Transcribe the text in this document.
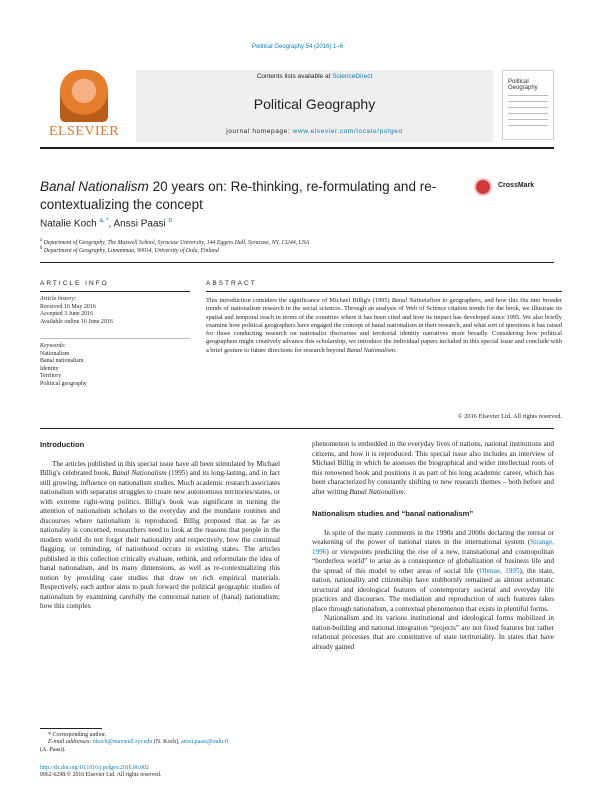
Political Geography 54 (2016) 1–6
ELSEVIER
Contents lists available at ScienceDirect
Political Geography
journal homepage: www.elsevier.com/locate/polgeo
Political
Geography
Banal Nationalism 20 years on: Re-thinking, re-formulating and re-contextualizing the concept
CrossMark
Natalie Koch $^{a, *}$, Anssi Paasi $^b$
$^a$ Department of Geography, The Maxwell School, Syracuse University, 144 Eggers Hall, Syracuse, NY, 13244, USA
$^b$ Department of Geography, Linnanmaa, 90014, University of Oulu, Finland
ARTICLE INFO	ABSTRACT
Article history:
Received 16 May 2016
Accepted 3 June 2016
Available online 16 June 2016
Keywords:
Nationalism
Banal nationalism
Identity
Territory
Political geography
This introduction considers the significance of Michael Billig's (1995) Banal Nationalism to geographers, and how this fits into broader trends of nationalism research in the social sciences. Through an analysis of Web of Science citation trends for the book, we illustrate its spatial and temporal reach in terms of the countries where it has been cited and how its impact has developed since 1995. We also briefly examine how political geographers have engaged the concept of banal nationalism in their research, and what sort of questions it has raised for those conducting research on nationalist discourses and territorial identity narratives more broadly. Considering how political geographers might creatively advance this scholarship, we introduce the individual papers included in this special issue and conclude with a brief gesture to future directions for research beyond Banal Nationalism.
© 2016 Elsevier Ltd. All rights reserved.
Introduction

The articles published in this special issue have all been stimulated by Michael Billig's celebrated book, Banal Nationalism (1995) and its long-lasting, and in fact still growing, influence on nationalism studies. Much academic research associates nationalism with separatist struggles to create new autonomous territories/states, or with extreme right-wing politics. Billig's book was significant in turning the attention of nationalism scholars to the everyday and the mundane routines and discourses where nationalism is reproduced. Billig proposed that as far as nationality is concerned, researchers need to look at the reasons that people in the modern world do not forget their nationality and respectively, how the continual flagging, or reminding, of nationhood occurs in existing states. The articles published in this collection critically evaluate, rethink, and reformulate the idea of banal nationalism, and its many dimensions, as well as re-contextualizing this notion by providing case studies that draw on rich empirical materials. Respectively, each author aims to push forward the political geographic studies of nationalism by examining carefully the contextual nature of (banal) nationalism; how this complex

phenomenon is embedded in the everyday lives of nations, national institutions and citizens, and how it is reproduced. This special issue also includes an interview of Michael Billig in which he assesses the biographical and wider intellectual roots of this renowned book and positions it as part of his long academic career, which has been characterized by constantly shifting to new research themes – both before and after writing Banal Nationalism.

Nationalism studies and “banal nationalism”

In spite of the many comments in the 1990s and 2000s declaring the retreat or weakening of the power of national states in the international system (Strange, 1996) or viewpoints predicting the rise of a new, transnational and cosmopolitan “borderless world” to arise as a consequence of globalization of business life and the spread of this model to other areas of social life (Ohmae, 1995), the state, nation, nationality and citizenship have stubbornly remained as almost axiomatic structural and ideological features of contemporary societal and everyday life practices and discourses. The mediation and reproduction of such features takes place through nationalism, a contextual phenomenon that exists in plentiful forms.

Nationalism and its various institutional and ideological forms mobilized in nation-building and national integration “projects” are not fixed features but rather relational processes that are constitutive of state territoriality. In states that have already gained

* Corresponding author.
E-mail addresses: nkoch@maxwell.syr.edu (N. Koch), anssi.paasi@oulu.fi
(A. Paasi).
http://dx.doi.org/10.1016/j.polgeo.2016.06.002
0962-6298/© 2016 Elsevier Ltd. All rights reserved.
